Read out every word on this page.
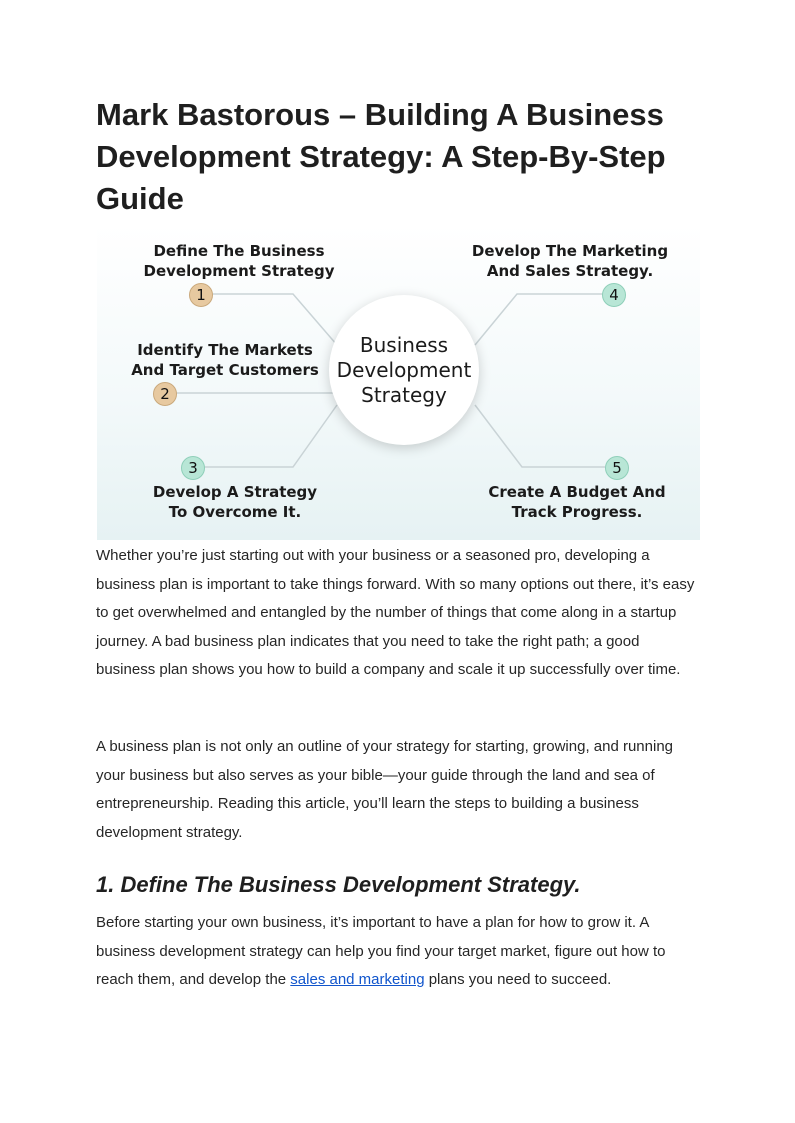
Mark Bastorous – Building A Business Development Strategy: A Step-By-Step Guide
Define The Business
Development Strategy
1
Identify The Markets
And Target Customers
2
3
Develop A Strategy
To Overcome It.
Develop The Marketing
And Sales Strategy.
4
5
Create A Budget And
Track Progress.
Business
Development
Strategy

Whether you’re just starting out with your business or a seasoned pro, developing a business plan is important to take things forward. With so many options out there, it’s easy to get overwhelmed and entangled by the number of things that come along in a startup journey. A bad business plan indicates that you need to take the right path; a good business plan shows you how to build a company and scale it up successfully over time.

A business plan is not only an outline of your strategy for starting, growing, and running your business but also serves as your bible—your guide through the land and sea of entrepreneurship. Reading this article, you’ll learn the steps to building a business development strategy.

1. Define The Business Development Strategy.

Before starting your own business, it’s important to have a plan for how to grow it. A business development strategy can help you find your target market, figure out how to reach them, and develop the sales and marketing plans you need to succeed.
